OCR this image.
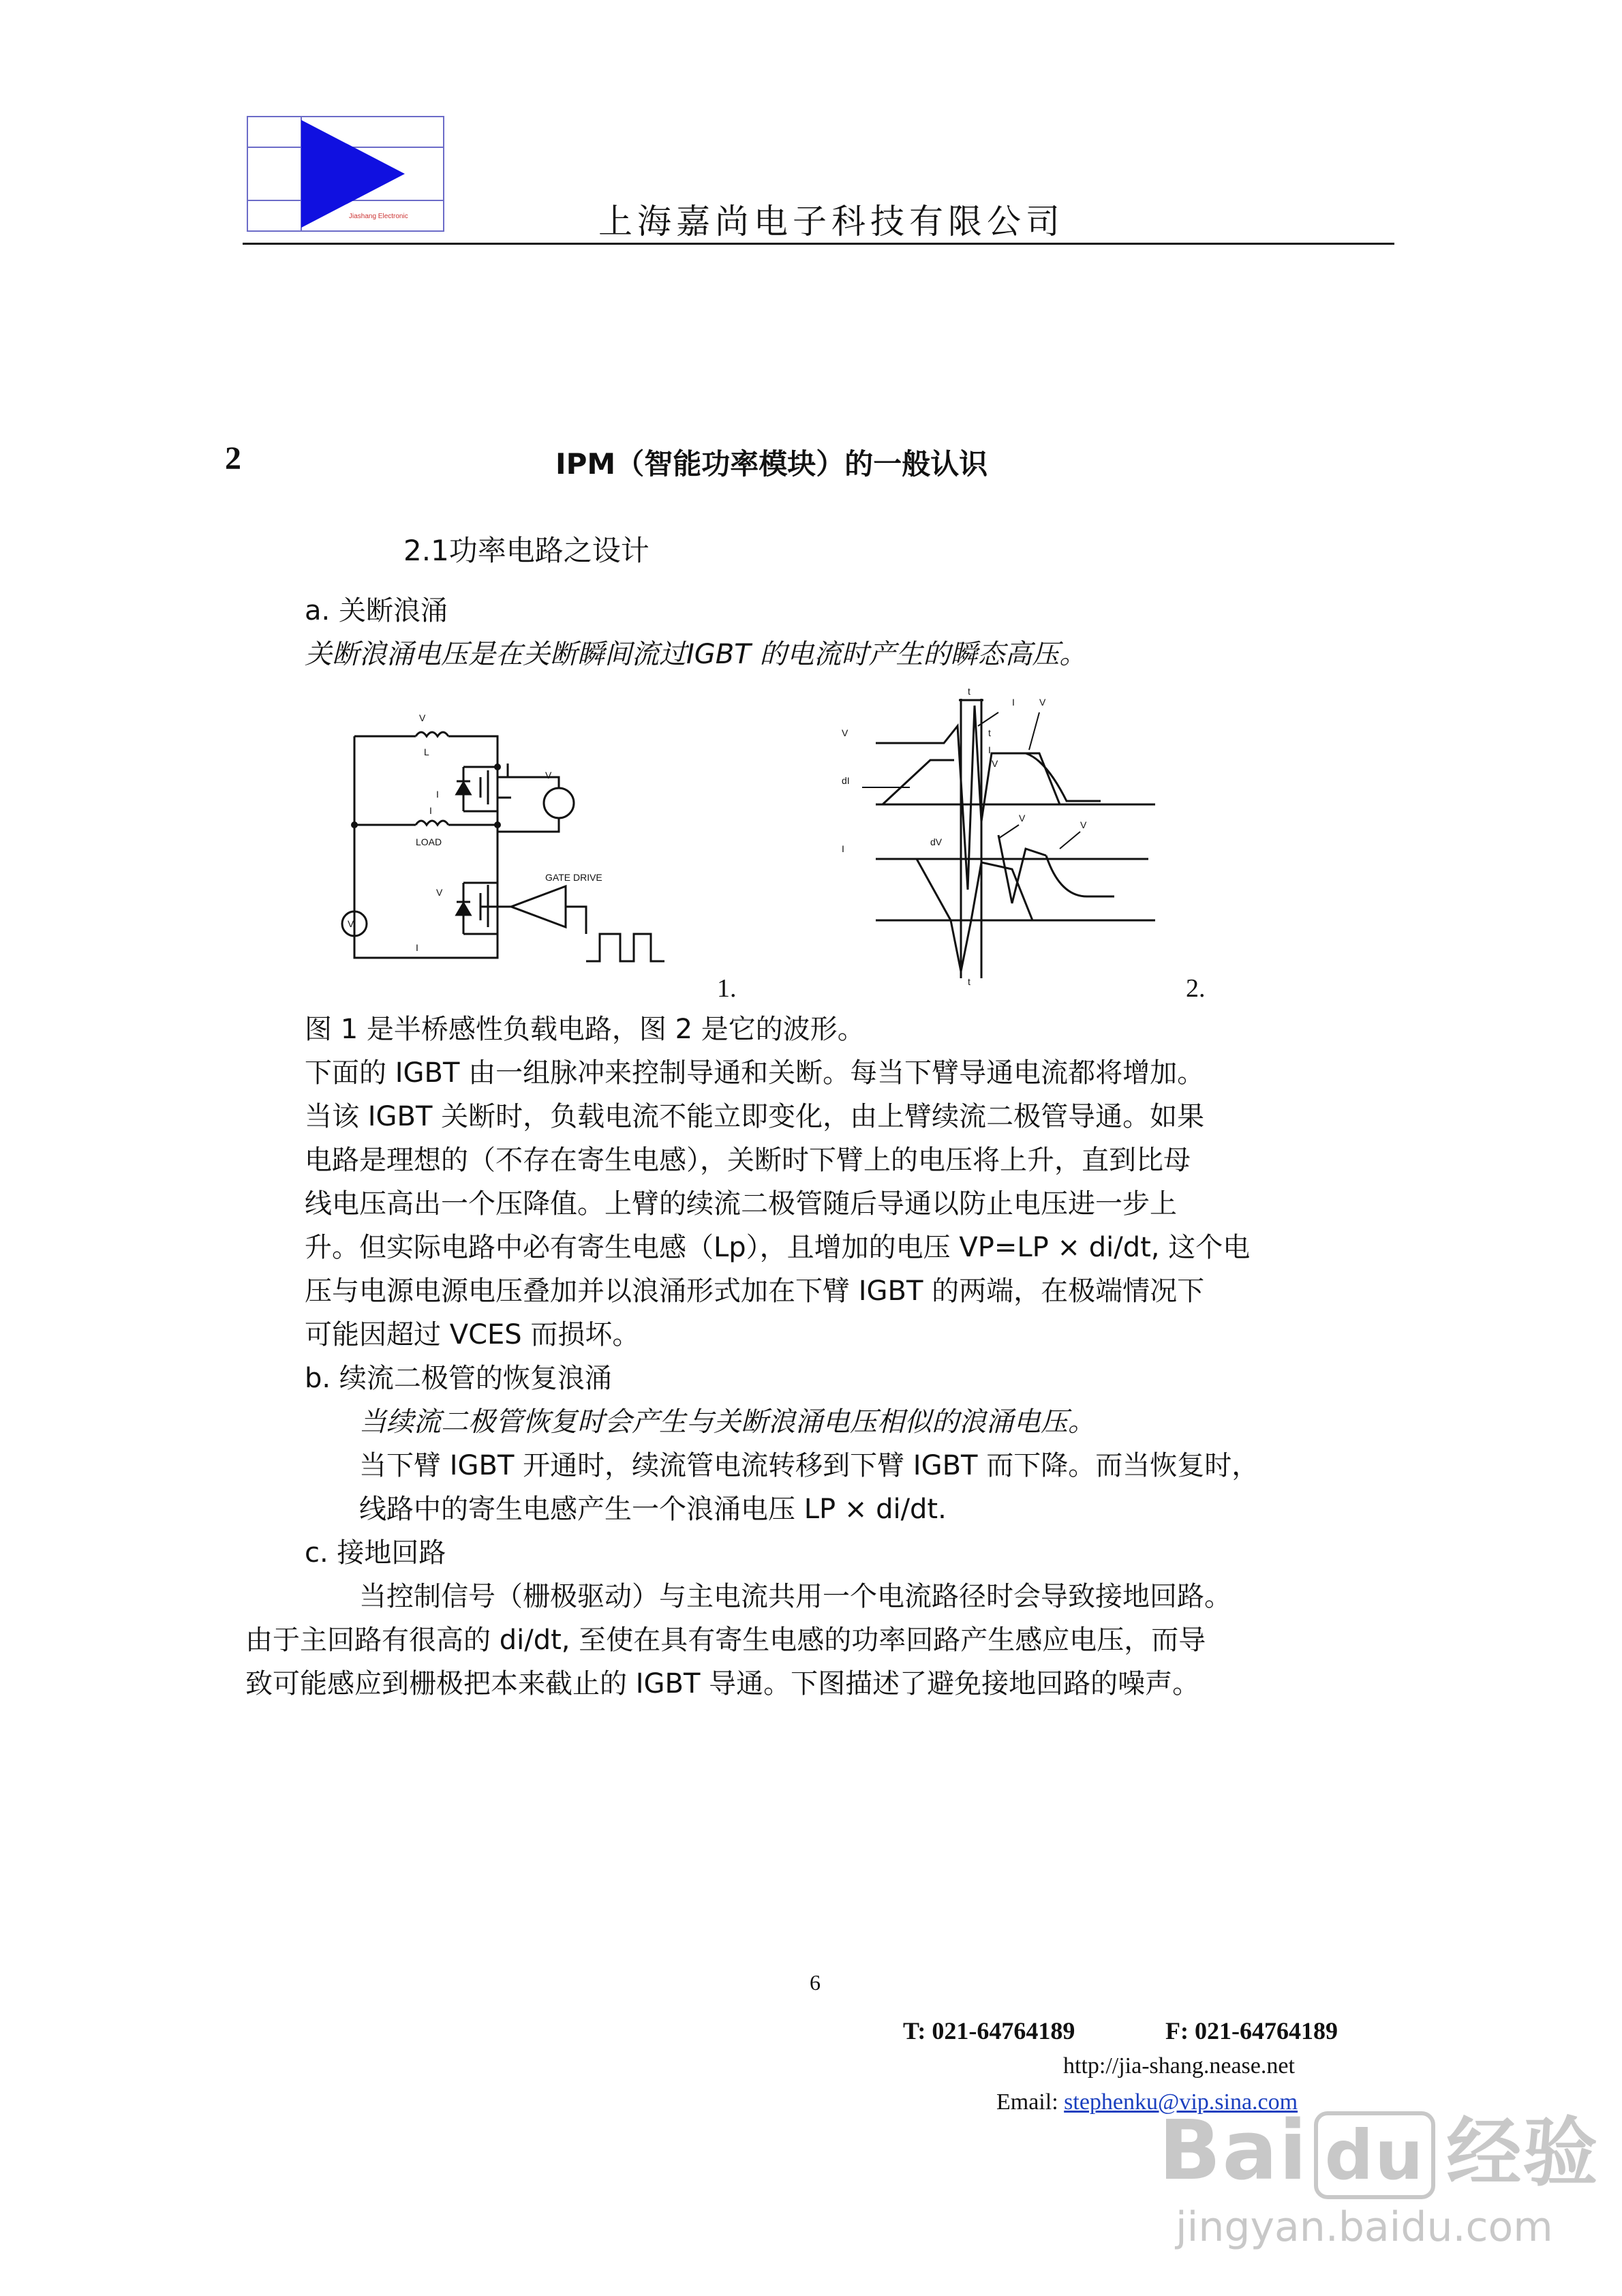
Jiashang Electronic	上海嘉尚电子科技有限公司
2	IPM（智能功率模块）的一般认识
2.1功率电路之设计
a. 关断浪涌
关断浪涌电压是在关断瞬间流过IGBT 的电流时产生的瞬态高压。
V
L
I
V
I
LOAD
V
V
I
GATE DRIVE
1.
t
V
I	V
dI
V
t
I
I
dV
V
V
t	2.
图 1 是半桥感性负载电路，图 2 是它的波形。
下面的 IGBT 由一组脉冲来控制导通和关断。每当下臂导通电流都将增加。
当该 IGBT 关断时，负载电流不能立即变化，由上臂续流二极管导通。如果
电路是理想的（不存在寄生电感），关断时下臂上的电压将上升，直到比母
线电压高出一个压降值。上臂的续流二极管随后导通以防止电压进一步上
升。但实际电路中必有寄生电感（Lp），且增加的电压 VP=LP × di/dt, 这个电
压与电源电源电压叠加并以浪涌形式加在下臂 IGBT 的两端，在极端情况下
可能因超过 VCES 而损坏。
b. 续流二极管的恢复浪涌
当续流二极管恢复时会产生与关断浪涌电压相似的浪涌电压。
当下臂 IGBT 开通时，续流管电流转移到下臂 IGBT 而下降。而当恢复时，
线路中的寄生电感产生一个浪涌电压 LP × di/dt.
c. 接地回路
当控制信号（栅极驱动）与主电流共用一个电流路径时会导致接地回路。
由于主回路有很高的 di/dt, 至使在具有寄生电感的功率回路产生感应电压，而导
致可能感应到栅极把本来截止的 IGBT 导通。下图描述了避免接地回路的噪声。
6
T: 021-64764189	F: 021-64764189
http://jia-shang.nease.net
Email: stephenku@vip.sina.com
Bai du 经验
jingyan.baidu.com
